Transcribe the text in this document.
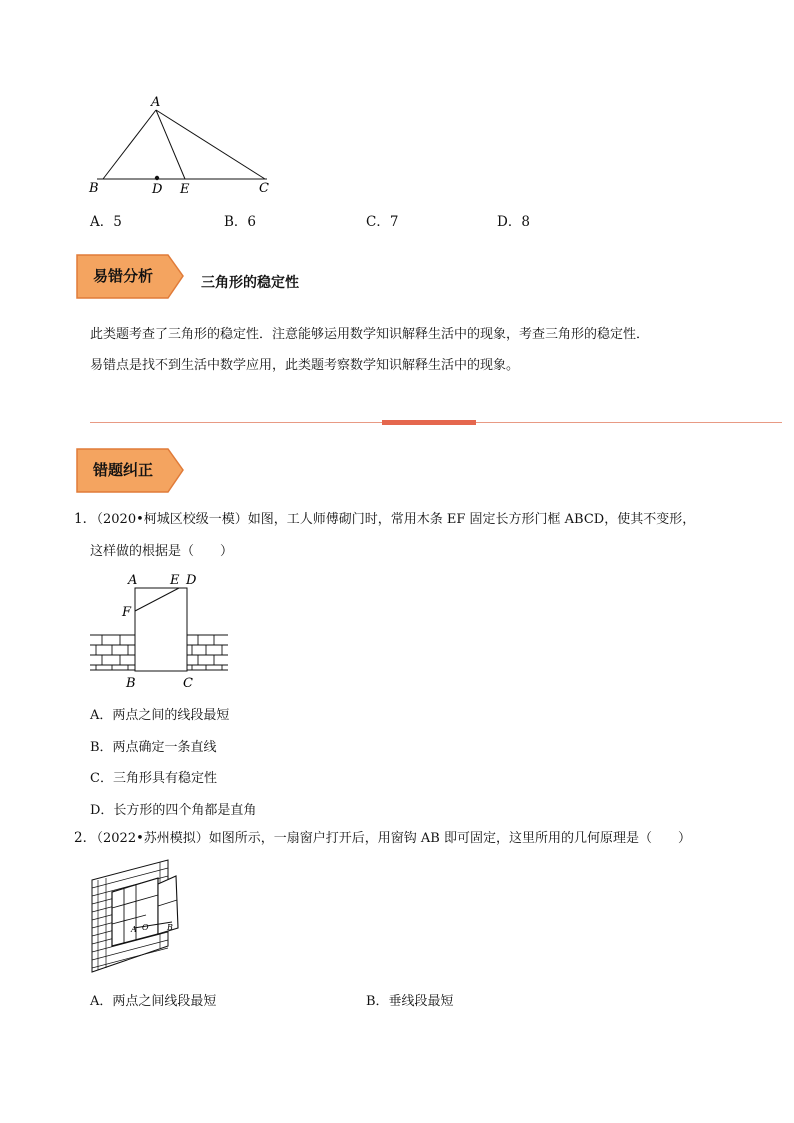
A
B	D E	C
A．5	B．6	C．7	D．8
易错分析	三角形的稳定性
此类题考查了三角形的稳定性．注意能够运用数学知识解释生活中的现象，考查三角形的稳定性．
易错点是找不到生活中数学应用，此类题考察数学知识解释生活中的现象。
错题纠正
1．
（2020•柯城区校级一模）如图，工人师傅砌门时，常用木条 EF 固定长方形门框 ABCD，使其不变形，
这样做的根据是（　　）
A	E D
F
B	C
A．两点之间的线段最短
B．两点确定一条直线
C．三角形具有稳定性
D．长方形的四个角都是直角
2．
（2022•苏州模拟）如图所示，一扇窗户打开后，用窗钩 AB 即可固定，这里所用的几何原理是（　　）
A O B
A．两点之间线段最短	B．垂线段最短
